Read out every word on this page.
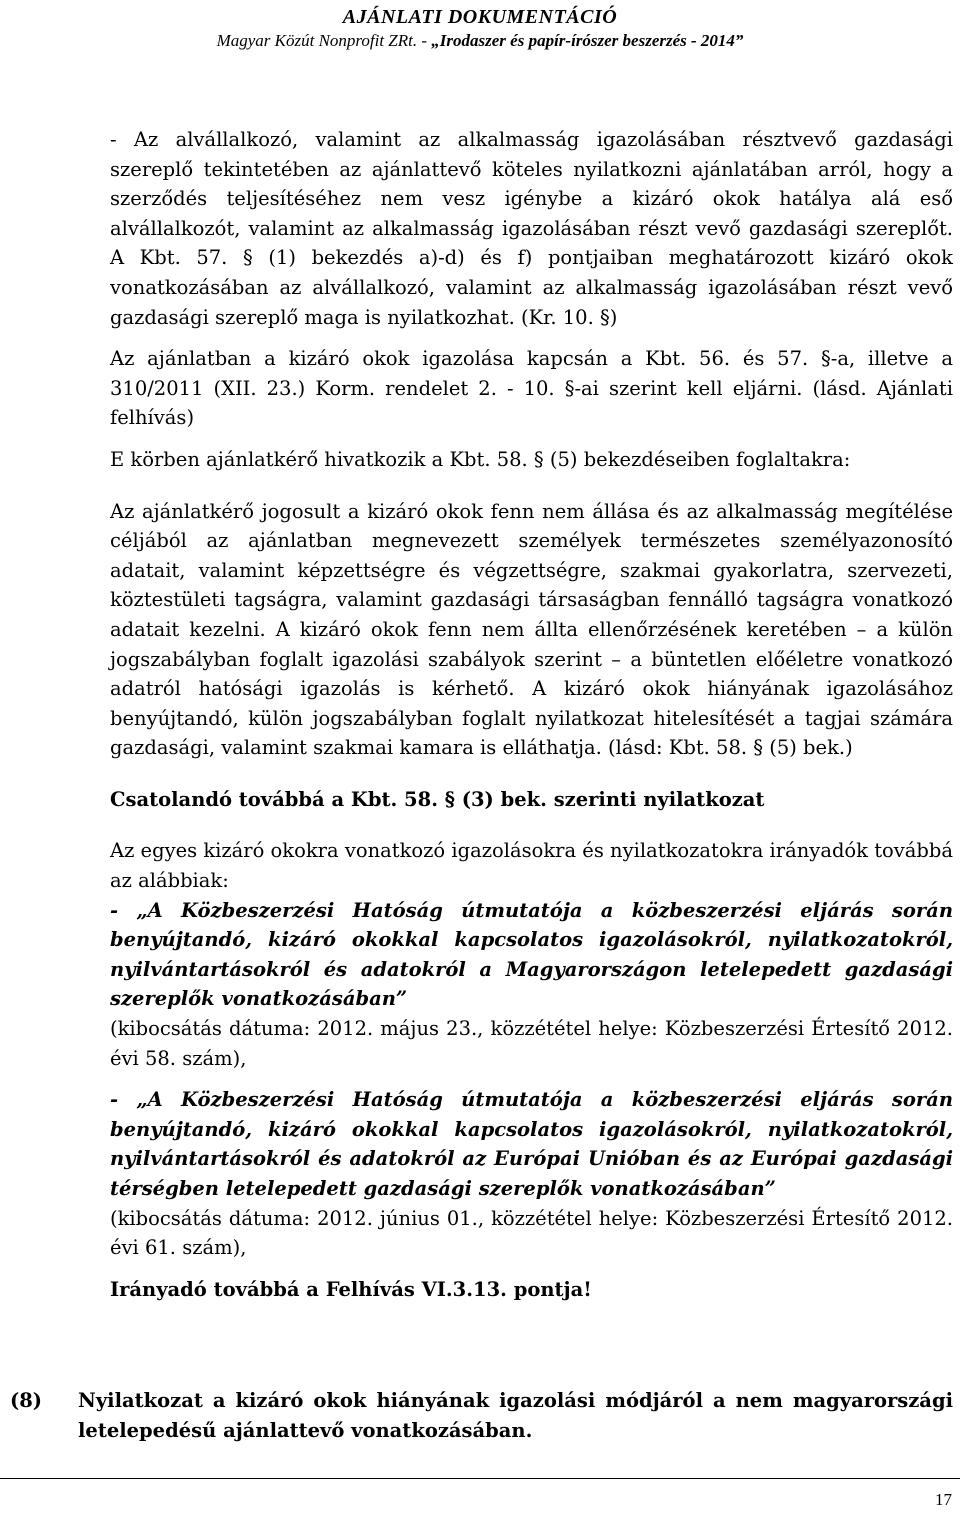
AJÁNLATI DOKUMENTÁCIÓ
Magyar Közút Nonprofit ZRt. - „Irodaszer és papír-írószer beszerzés - 2014”

- Az alvállalkozó, valamint az alkalmasság igazolásában résztvevő gazdasági szereplő tekintetében az ajánlattevő köteles nyilatkozni ajánlatában arról, hogy a szerződés teljesítéséhez nem vesz igénybe a kizáró okok hatálya alá eső alvállalkozót, valamint az alkalmasság igazolásában részt vevő gazdasági szereplőt. A Kbt. 57. § (1) bekezdés a)-d) és f) pontjaiban meghatározott kizáró okok vonatkozásában az alvállalkozó, valamint az alkalmasság igazolásában részt vevő gazdasági szereplő maga is nyilatkozhat. (Kr. 10. §)

Az ajánlatban a kizáró okok igazolása kapcsán a Kbt. 56. és 57. §-a, illetve a 310/2011 (XII. 23.) Korm. rendelet 2. - 10. §-ai szerint kell eljárni. (lásd. Ajánlati felhívás)

E körben ajánlatkérő hivatkozik a Kbt. 58. § (5) bekezdéseiben foglaltakra:

Az ajánlatkérő jogosult a kizáró okok fenn nem állása és az alkalmasság megítélése céljából az ajánlatban megnevezett személyek természetes személyazonosító adatait, valamint képzettségre és végzettségre, szakmai gyakorlatra, szervezeti, köztestületi tagságra, valamint gazdasági társaságban fennálló tagságra vonatkozó adatait kezelni. A kizáró okok fenn nem állta ellenőrzésének keretében – a külön jogszabályban foglalt igazolási szabályok szerint – a büntetlen előéletre vonatkozó adatról hatósági igazolás is kérhető. A kizáró okok hiányának igazolásához benyújtandó, külön jogszabályban foglalt nyilatkozat hitelesítését a tagjai számára gazdasági, valamint szakmai kamara is elláthatja. (lásd: Kbt. 58. § (5) bek.)

Csatolandó továbbá a Kbt. 58. § (3) bek. szerinti nyilatkozat

Az egyes kizáró okokra vonatkozó igazolásokra és nyilatkozatokra irányadók továbbá az alábbiak:

- „A Közbeszerzési Hatóság útmutatója a közbeszerzési eljárás során benyújtandó, kizáró okokkal kapcsolatos igazolásokról, nyilatkozatokról, nyilvántartásokról és adatokról a Magyarországon letelepedett gazdasági szereplők vonatkozásában”

(kibocsátás dátuma: 2012. május 23., közzététel helye: Közbeszerzési Értesítő 2012. évi 58. szám),

- „A Közbeszerzési Hatóság útmutatója a közbeszerzési eljárás során benyújtandó, kizáró okokkal kapcsolatos igazolásokról, nyilatkozatokról, nyilvántartásokról és adatokról az Európai Unióban és az Európai gazdasági térségben letelepedett gazdasági szereplők vonatkozásában”

(kibocsátás dátuma: 2012. június 01., közzététel helye: Közbeszerzési Értesítő 2012. évi 61. szám),

Irányadó továbbá a Felhívás VI.3.13. pontja!

(8) Nyilatkozat a kizáró okok hiányának igazolási módjáról a nem magyarországi letelepedésű ajánlattevő vonatkozásában.
17
